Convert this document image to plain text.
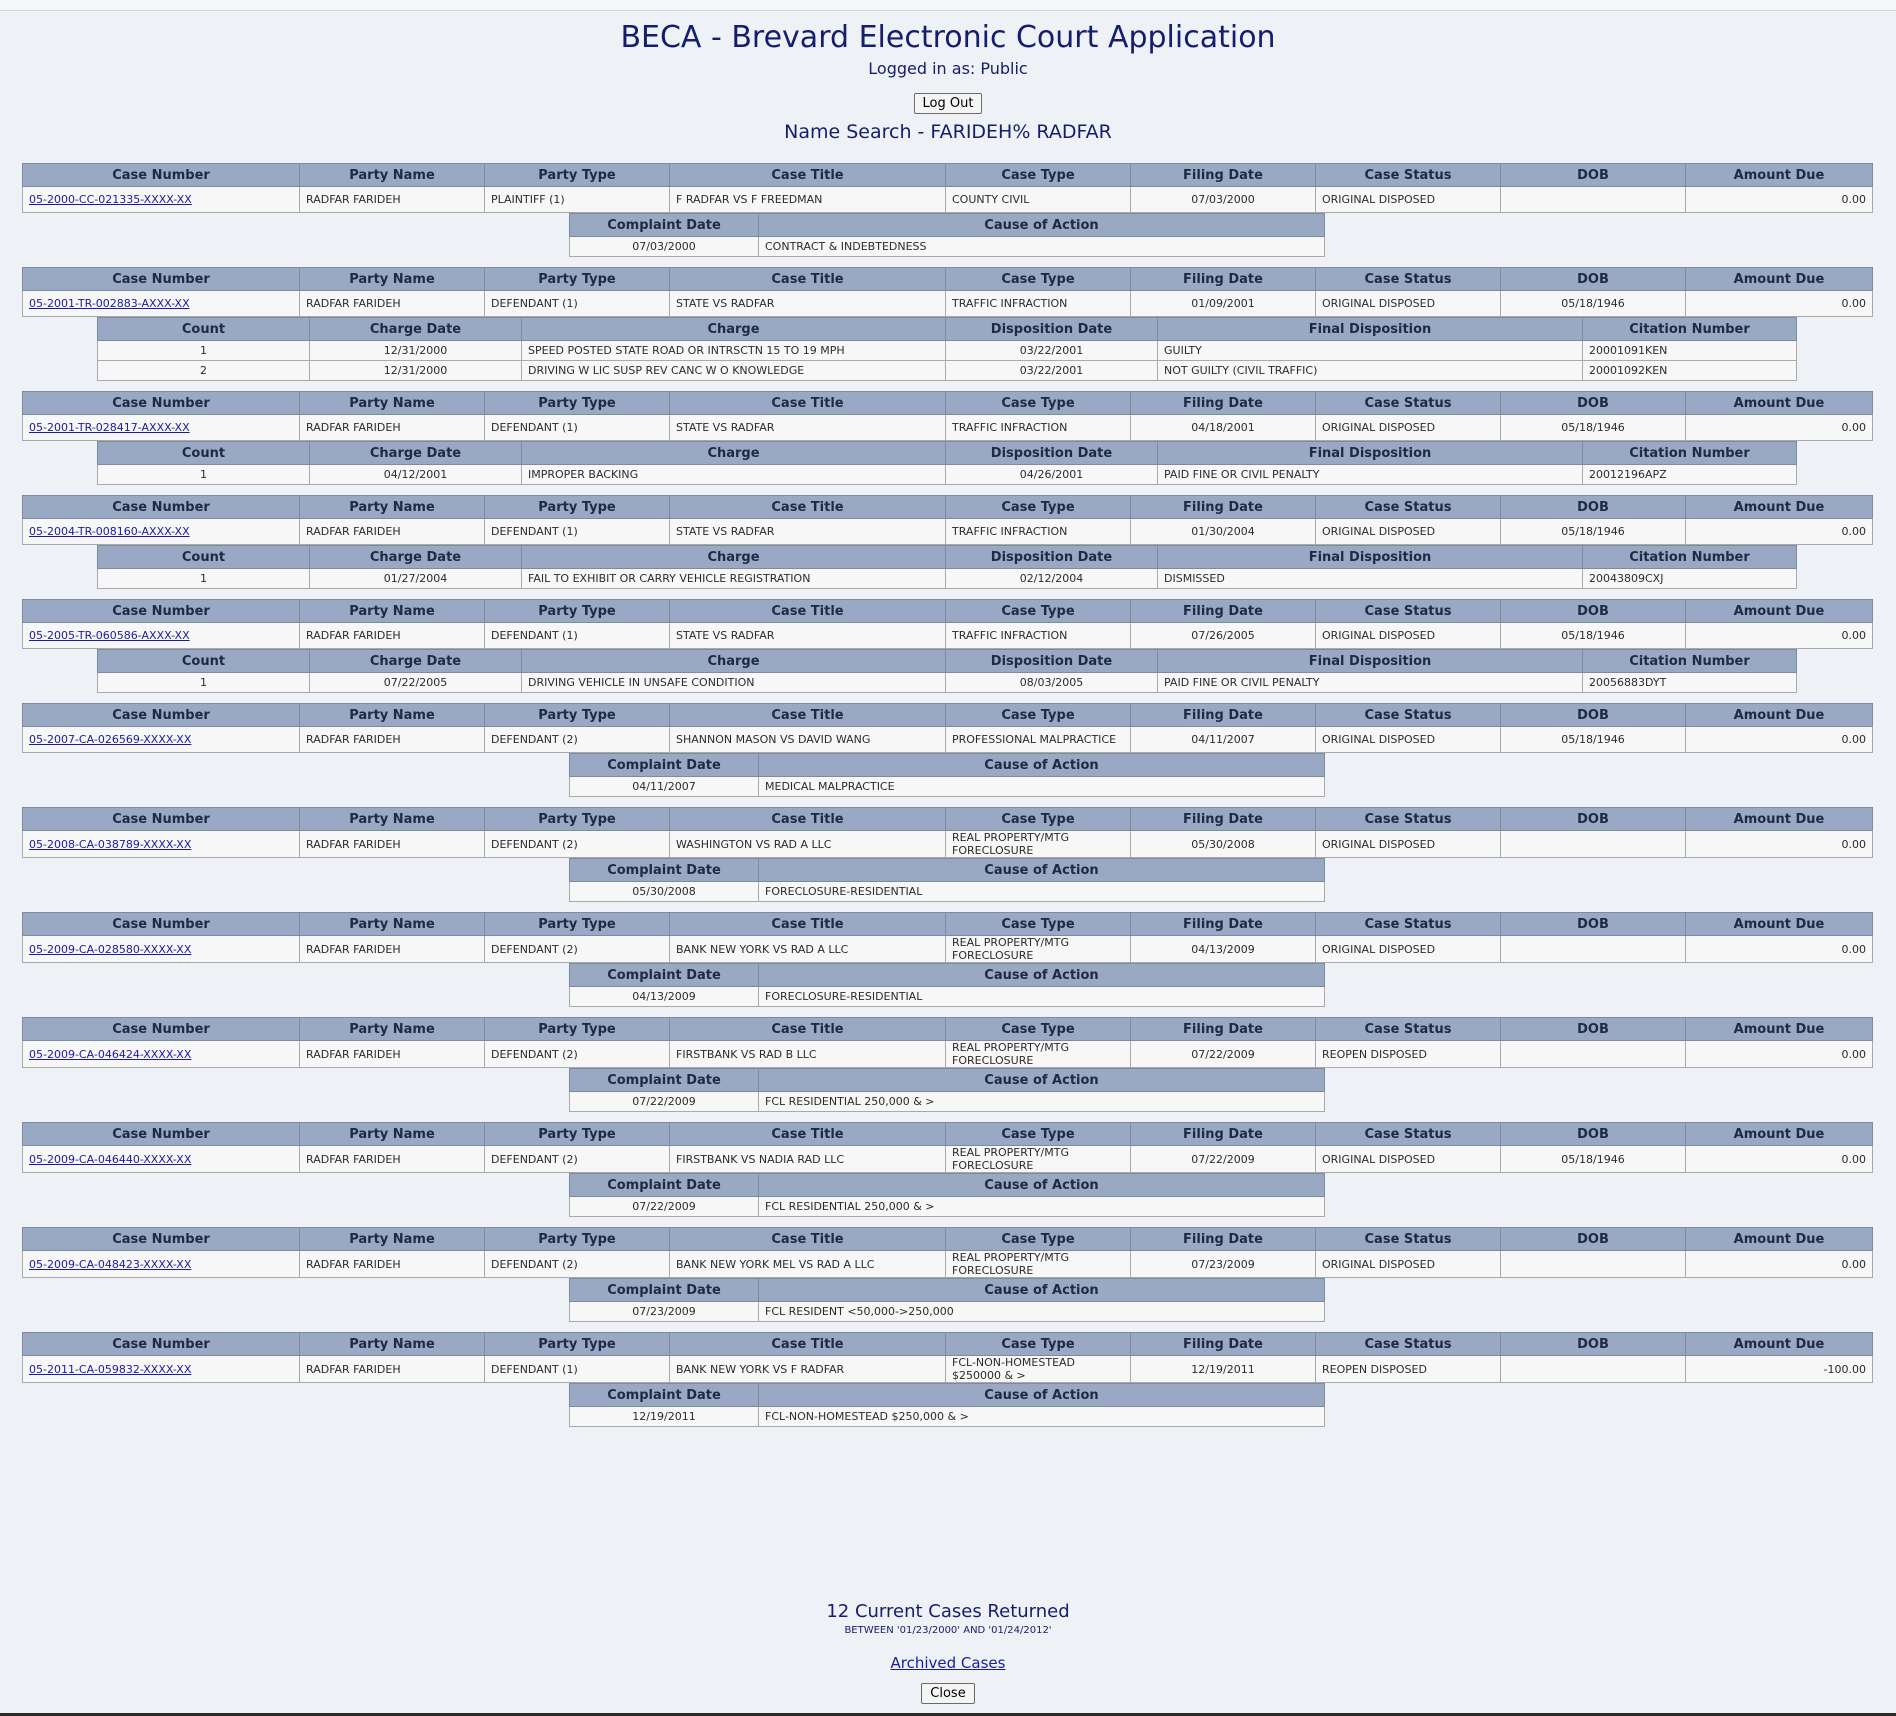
BECA - Brevard Electronic Court Application
Logged in as: Public
Log Out
Name Search - FARIDEH% RADFAR
Case Number	Party Name	Party Type	Case Title	Case Type	Filing Date	Case Status	DOB	Amount Due
05-2000-CC-021335-XXXX-XX	RADFAR FARIDEH	PLAINTIFF (1)	F RADFAR VS F FREEDMAN	COUNTY CIVIL	07/03/2000	ORIGINAL DISPOSED		0.00
Complaint Date	Cause of Action
07/03/2000	CONTRACT & INDEBTEDNESS
Case Number	Party Name	Party Type	Case Title	Case Type	Filing Date	Case Status	DOB	Amount Due
05-2001-TR-002883-AXXX-XX	RADFAR FARIDEH	DEFENDANT (1)	STATE VS RADFAR	TRAFFIC INFRACTION	01/09/2001	ORIGINAL DISPOSED	05/18/1946	0.00
Count	Charge Date	Charge	Disposition Date	Final Disposition	Citation Number
1	12/31/2000	SPEED POSTED STATE ROAD OR INTRSCTN 15 TO 19 MPH	03/22/2001	GUILTY	20001091KEN
2	12/31/2000	DRIVING W LIC SUSP REV CANC W O KNOWLEDGE	03/22/2001	NOT GUILTY (CIVIL TRAFFIC)	20001092KEN
Case Number	Party Name	Party Type	Case Title	Case Type	Filing Date	Case Status	DOB	Amount Due
05-2001-TR-028417-AXXX-XX	RADFAR FARIDEH	DEFENDANT (1)	STATE VS RADFAR	TRAFFIC INFRACTION	04/18/2001	ORIGINAL DISPOSED	05/18/1946	0.00
Count	Charge Date	Charge	Disposition Date	Final Disposition	Citation Number
1	04/12/2001	IMPROPER BACKING	04/26/2001	PAID FINE OR CIVIL PENALTY	20012196APZ
Case Number	Party Name	Party Type	Case Title	Case Type	Filing Date	Case Status	DOB	Amount Due
05-2004-TR-008160-AXXX-XX	RADFAR FARIDEH	DEFENDANT (1)	STATE VS RADFAR	TRAFFIC INFRACTION	01/30/2004	ORIGINAL DISPOSED	05/18/1946	0.00
Count	Charge Date	Charge	Disposition Date	Final Disposition	Citation Number
1	01/27/2004	FAIL TO EXHIBIT OR CARRY VEHICLE REGISTRATION	02/12/2004	DISMISSED	20043809CXJ
Case Number	Party Name	Party Type	Case Title	Case Type	Filing Date	Case Status	DOB	Amount Due
05-2005-TR-060586-AXXX-XX	RADFAR FARIDEH	DEFENDANT (1)	STATE VS RADFAR	TRAFFIC INFRACTION	07/26/2005	ORIGINAL DISPOSED	05/18/1946	0.00
Count	Charge Date	Charge	Disposition Date	Final Disposition	Citation Number
1	07/22/2005	DRIVING VEHICLE IN UNSAFE CONDITION	08/03/2005	PAID FINE OR CIVIL PENALTY	20056883DYT
Case Number	Party Name	Party Type	Case Title	Case Type	Filing Date	Case Status	DOB	Amount Due
05-2007-CA-026569-XXXX-XX	RADFAR FARIDEH	DEFENDANT (2)	SHANNON MASON VS DAVID WANG	PROFESSIONAL MALPRACTICE	04/11/2007	ORIGINAL DISPOSED	05/18/1946	0.00
Complaint Date	Cause of Action
04/11/2007	MEDICAL MALPRACTICE
Case Number	Party Name	Party Type	Case Title	Case Type	Filing Date	Case Status	DOB	Amount Due
05-2008-CA-038789-XXXX-XX	RADFAR FARIDEH	DEFENDANT (2)	WASHINGTON VS RAD A LLC	REAL PROPERTY/MTG FORECLOSURE	05/30/2008	ORIGINAL DISPOSED		0.00
Complaint Date	Cause of Action
05/30/2008	FORECLOSURE-RESIDENTIAL
Case Number	Party Name	Party Type	Case Title	Case Type	Filing Date	Case Status	DOB	Amount Due
05-2009-CA-028580-XXXX-XX	RADFAR FARIDEH	DEFENDANT (2)	BANK NEW YORK VS RAD A LLC	REAL PROPERTY/MTG FORECLOSURE	04/13/2009	ORIGINAL DISPOSED		0.00
Complaint Date	Cause of Action
04/13/2009	FORECLOSURE-RESIDENTIAL
Case Number	Party Name	Party Type	Case Title	Case Type	Filing Date	Case Status	DOB	Amount Due
05-2009-CA-046424-XXXX-XX	RADFAR FARIDEH	DEFENDANT (2)	FIRSTBANK VS RAD B LLC	REAL PROPERTY/MTG FORECLOSURE	07/22/2009	REOPEN DISPOSED		0.00
Complaint Date	Cause of Action
07/22/2009	FCL RESIDENTIAL 250,000 & >
Case Number	Party Name	Party Type	Case Title	Case Type	Filing Date	Case Status	DOB	Amount Due
05-2009-CA-046440-XXXX-XX	RADFAR FARIDEH	DEFENDANT (2)	FIRSTBANK VS NADIA RAD LLC	REAL PROPERTY/MTG FORECLOSURE	07/22/2009	ORIGINAL DISPOSED	05/18/1946	0.00
Complaint Date	Cause of Action
07/22/2009	FCL RESIDENTIAL 250,000 & >
Case Number	Party Name	Party Type	Case Title	Case Type	Filing Date	Case Status	DOB	Amount Due
05-2009-CA-048423-XXXX-XX	RADFAR FARIDEH	DEFENDANT (2)	BANK NEW YORK MEL VS RAD A LLC	REAL PROPERTY/MTG FORECLOSURE	07/23/2009	ORIGINAL DISPOSED		0.00
Complaint Date	Cause of Action
07/23/2009	FCL RESIDENT <50,000->250,000
Case Number	Party Name	Party Type	Case Title	Case Type	Filing Date	Case Status	DOB	Amount Due
05-2011-CA-059832-XXXX-XX	RADFAR FARIDEH	DEFENDANT (1)	BANK NEW YORK VS F RADFAR	FCL-NON-HOMESTEAD $250000 & >	12/19/2011	REOPEN DISPOSED		-100.00
Complaint Date	Cause of Action
12/19/2011	FCL-NON-HOMESTEAD $250,000 & >
12 Current Cases Returned
BETWEEN '01/23/2000' AND '01/24/2012'
Archived Cases
Close
